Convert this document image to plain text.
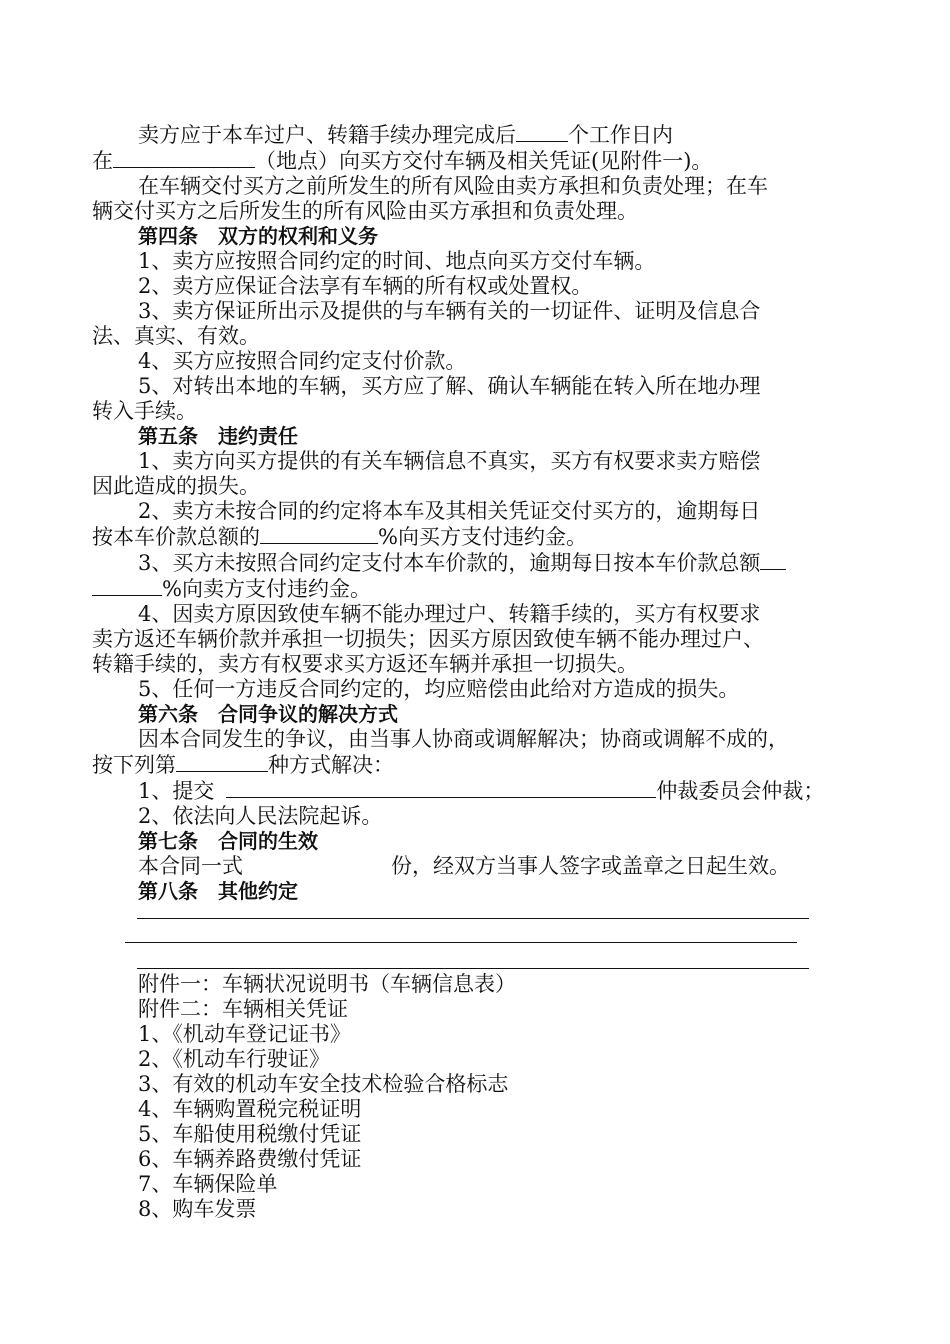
卖方应于本车过户、转籍手续办理完成后 个工作日内

在	（地点）向买方交付车辆及相关凭证(见附件一)。

在车辆交付买方之前所发生的所有风险由卖方承担和负责处理；在车

辆交付买方之后所发生的所有风险由买方承担和负责处理。

第四条　双方的权利和义务

1、卖方应按照合同约定的时间、地点向买方交付车辆。

2、卖方应保证合法享有车辆的所有权或处置权。

3、卖方保证所出示及提供的与车辆有关的一切证件、证明及信息合

法、真实、有效。

4、买方应按照合同约定支付价款。

5、对转出本地的车辆，买方应了解、确认车辆能在转入所在地办理

转入手续。

第五条　违约责任

1、卖方向买方提供的有关车辆信息不真实，买方有权要求卖方赔偿

因此造成的损失。

2、卖方未按合同的约定将本车及其相关凭证交付买方的，逾期每日

按本车价款总额的	%向买方支付违约金。

3、买方未按照合同约定支付本车价款的，逾期每日按本车价款总额

%向卖方支付违约金。

4、因卖方原因致使车辆不能办理过户、转籍手续的，买方有权要求

卖方返还车辆价款并承担一切损失；因买方原因致使车辆不能办理过户、

转籍手续的，卖方有权要求买方返还车辆并承担一切损失。

5、任何一方违反合同约定的，均应赔偿由此给对方造成的损失。

第六条　合同争议的解决方式

因本合同发生的争议，由当事人协商或调解解决；协商或调解不成的，

按下列第	种方式解决：

1、提交	仲裁委员会仲裁；

2、依法向人民法院起诉。

第七条　合同的生效

本合同一式	份，经双方当事人签字或盖章之日起生效。

第八条　其他约定

附件一：车辆状况说明书（车辆信息表）

附件二：车辆相关凭证

1、《机动车登记证书》

2、《机动车行驶证》

3、有效的机动车安全技术检验合格标志

4、车辆购置税完税证明

5、车船使用税缴付凭证

6、车辆养路费缴付凭证

7、车辆保险单

8、购车发票
